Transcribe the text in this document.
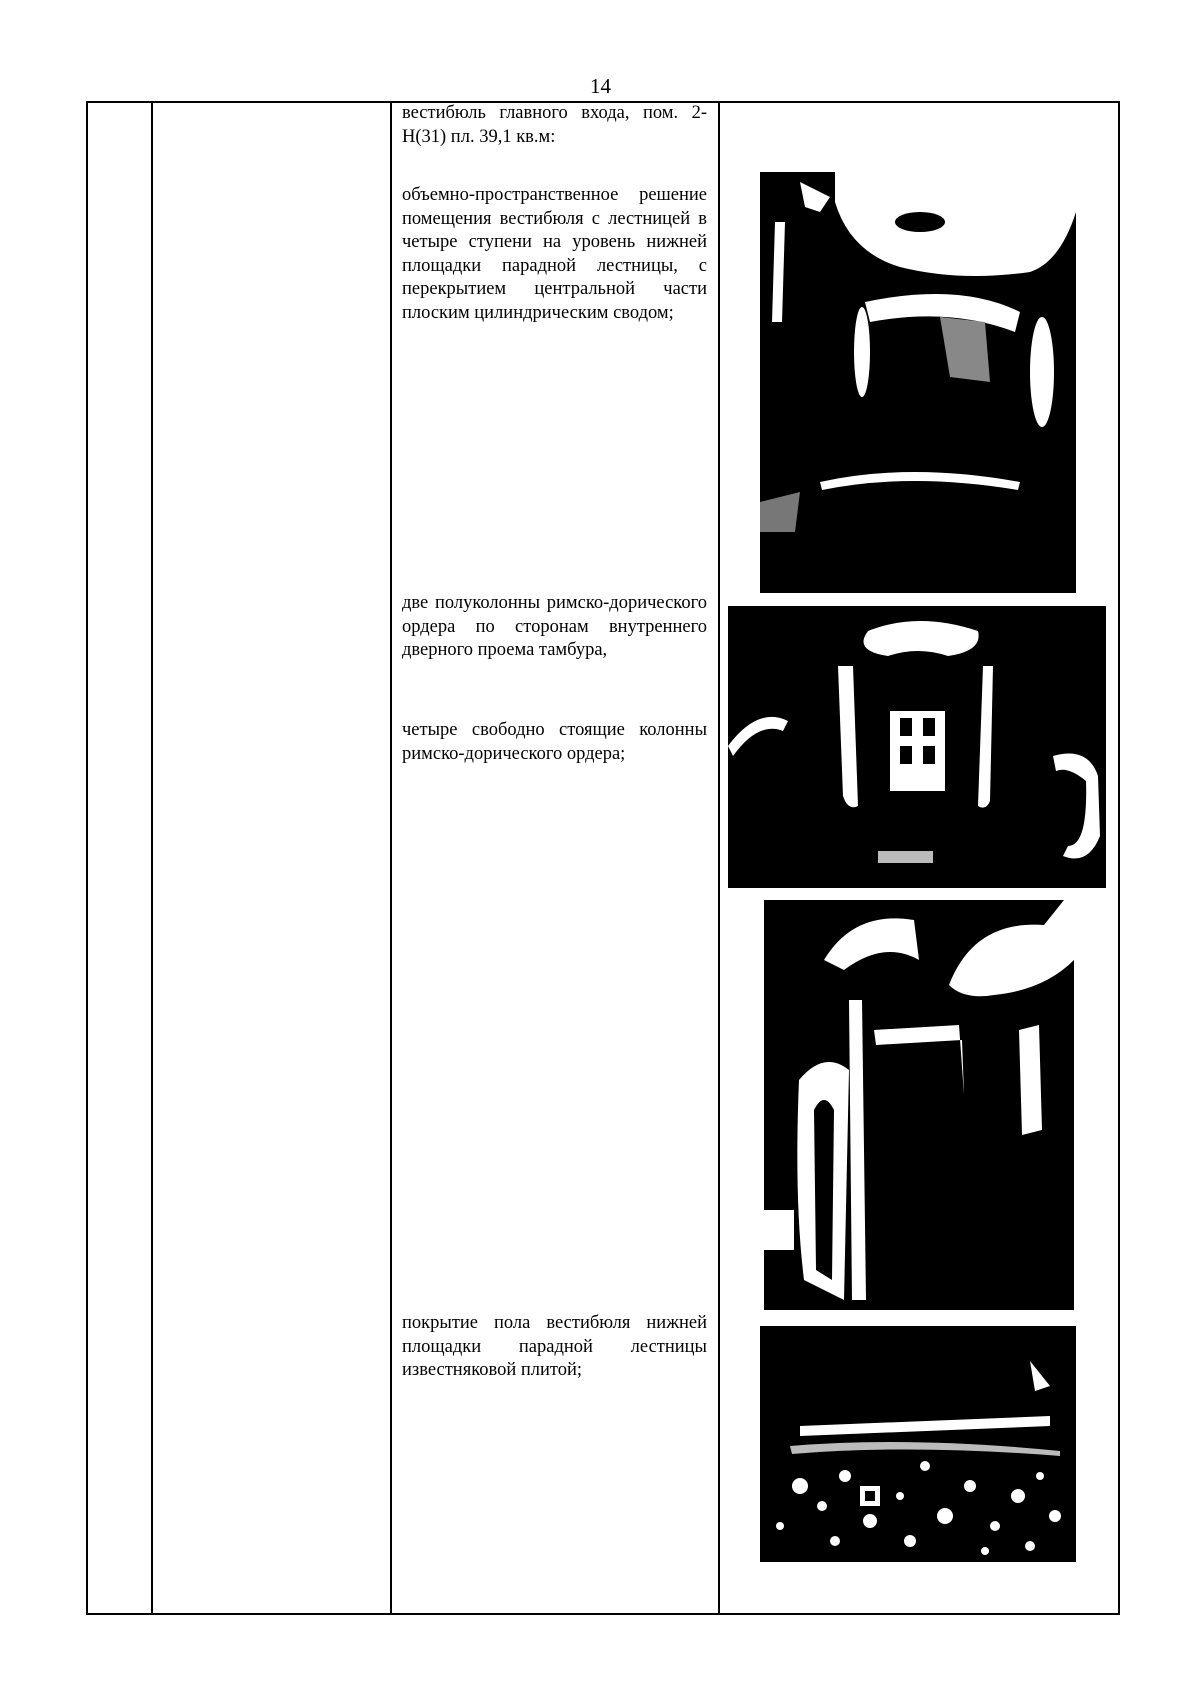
14

вестибюль главного входа, пом. 2-Н(31) пл. 39,1 кв.м:

объемно-пространственное решение помещения вестибюля с лестницей в четыре ступени на уровень нижней площадки парадной лестницы, с перекрытием центральной части плоским цилиндрическим сводом;

две полуколонны римско-дорического ордера по сторонам внутреннего дверного проема тамбура,

четыре свободно стоящие колонны римско-дорического ордера;

покрытие пола вестибюля нижней площадки парадной лестницы известняковой плитой;
